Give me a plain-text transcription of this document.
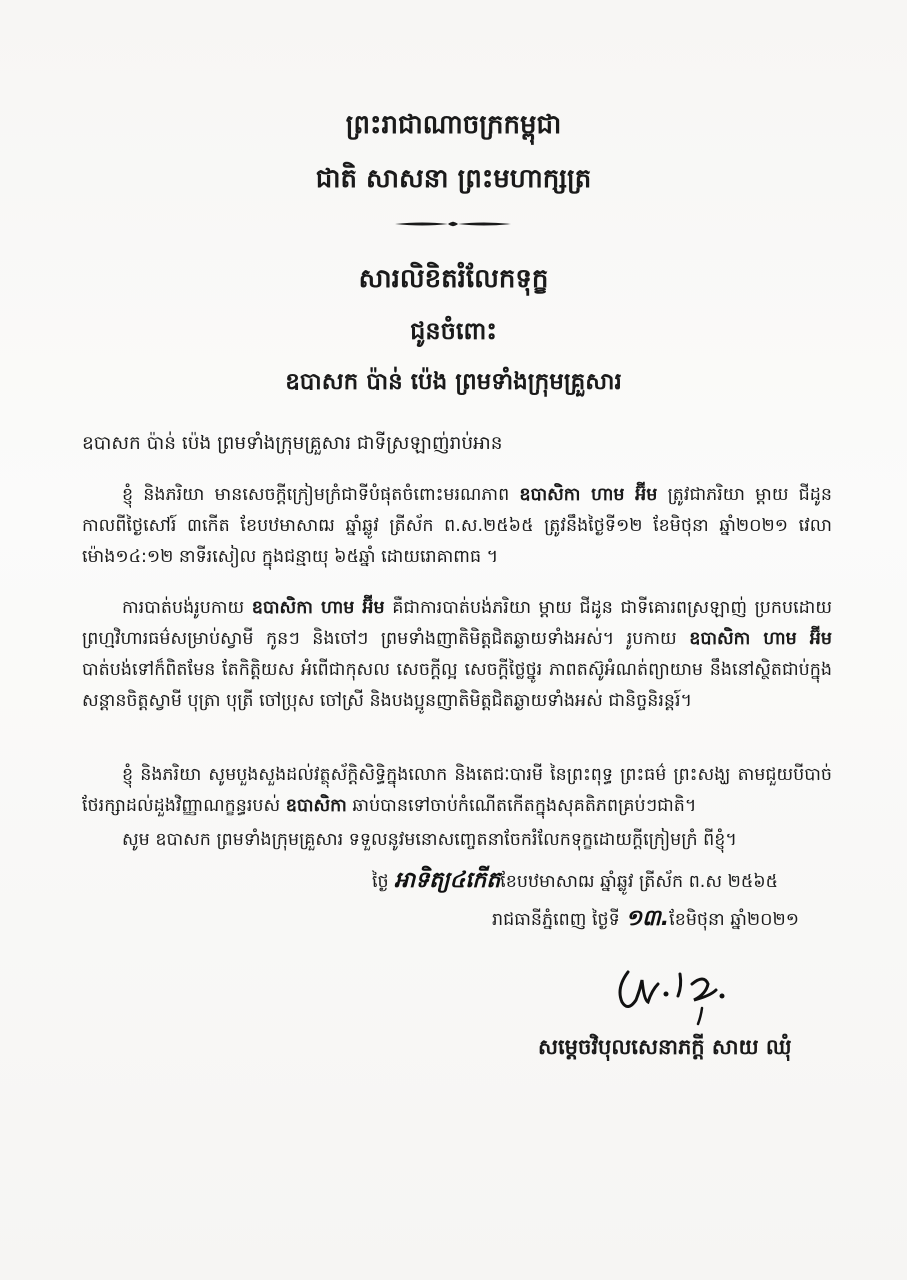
ព្រះរាជាណាចក្រកម្ពុជា
ជាតិ សាសនា ព្រះមហាក្សត្រ
សារលិខិតរំលែកទុក្ខ
ជូនចំពោះ
ឧបាសក ប៉ាន់ ប៉េង ព្រមទាំងក្រុមគ្រួសារ
ឧបាសក ប៉ាន់ ប៉េង ព្រមទាំងក្រុមគ្រួសារ ជាទីស្រឡាញ់រាប់អាន
ខ្ញុំ និងភរិយា មានសេចក្តីក្រៀមក្រំជាទីបំផុតចំពោះមរណភាព ឧបាសិកា ហាម អ៊ីម ត្រូវជាភរិយា ម្តាយ ជីដូន កាលពីថ្ងៃសៅរ៍ ៣កើត ខែបឋមាសាឍ ឆ្នាំឆ្លូវ ត្រីស័ក ព.ស.២៥៦៥ ត្រូវនឹងថ្ងៃទី១២ ខែមិថុនា ឆ្នាំ២០២១ វេលាម៉ោង១៤:១២ នាទីរសៀល ក្នុងជន្មាយុ ៦៥ឆ្នាំ ដោយរោគាពាធ ។
ការបាត់បង់រូបកាយ ឧបាសិកា ហាម អ៊ីម គឺជាការបាត់បង់ភរិយា ម្តាយ ជីដូន ជាទីគោរពស្រឡាញ់ ប្រកបដោយព្រហ្មវិហារធម៌សម្រាប់ស្វាមី កូនៗ និងចៅៗ ព្រមទាំងញាតិមិត្តជិតឆ្ងាយទាំងអស់។ រូបកាយ ឧបាសិកា ហាម អ៊ីម បាត់បង់ទៅក៏ពិតមែន តែកិត្តិយស អំពើជាកុសល សេចក្តីល្អ សេចក្តីថ្លៃថ្នូរ ភាពតស៊ូអំណត់ព្យាយាម នឹងនៅស្ថិតជាប់ក្នុងសន្តានចិត្តស្វាមី បុត្រា បុត្រី ចៅប្រុស ចៅស្រី និងបងប្អូនញាតិមិត្តជិតឆ្ងាយទាំងអស់ ជានិច្ចនិរន្តរ៍។
ខ្ញុំ និងភរិយា សូមបួងសួងដល់វត្ថុស័ក្តិសិទ្ធិក្នុងលោក និងតេជៈបារមី នៃព្រះពុទ្ធ ព្រះធម៌ ព្រះសង្ឃ តាមជួយបីបាច់ថែរក្សាដល់ដួងវិញ្ញាណក្ខន្ធរបស់ ឧបាសិកា ឆាប់បានទៅចាប់កំណើតកើតក្នុងសុគតិភពគ្រប់ៗជាតិ។
សូម ឧបាសក ព្រមទាំងក្រុមគ្រួសារ ទទួលនូវមនោសញ្ចេតនាចែករំលែកទុក្ខដោយក្តីក្រៀមក្រំ ពីខ្ញុំ។
ថ្ងៃ អាទិត្យ៤កើតខែបឋមាសាឍ ឆ្នាំឆ្លូវ ត្រីស័ក ព.ស ២៥៦៥
រាជធានីភ្នំពេញ ថ្ងៃទី ១៣.ខែមិថុនា ឆ្នាំ២០២១
សម្តេចវិបុលសេនាភក្តី សាយ ឈុំ
